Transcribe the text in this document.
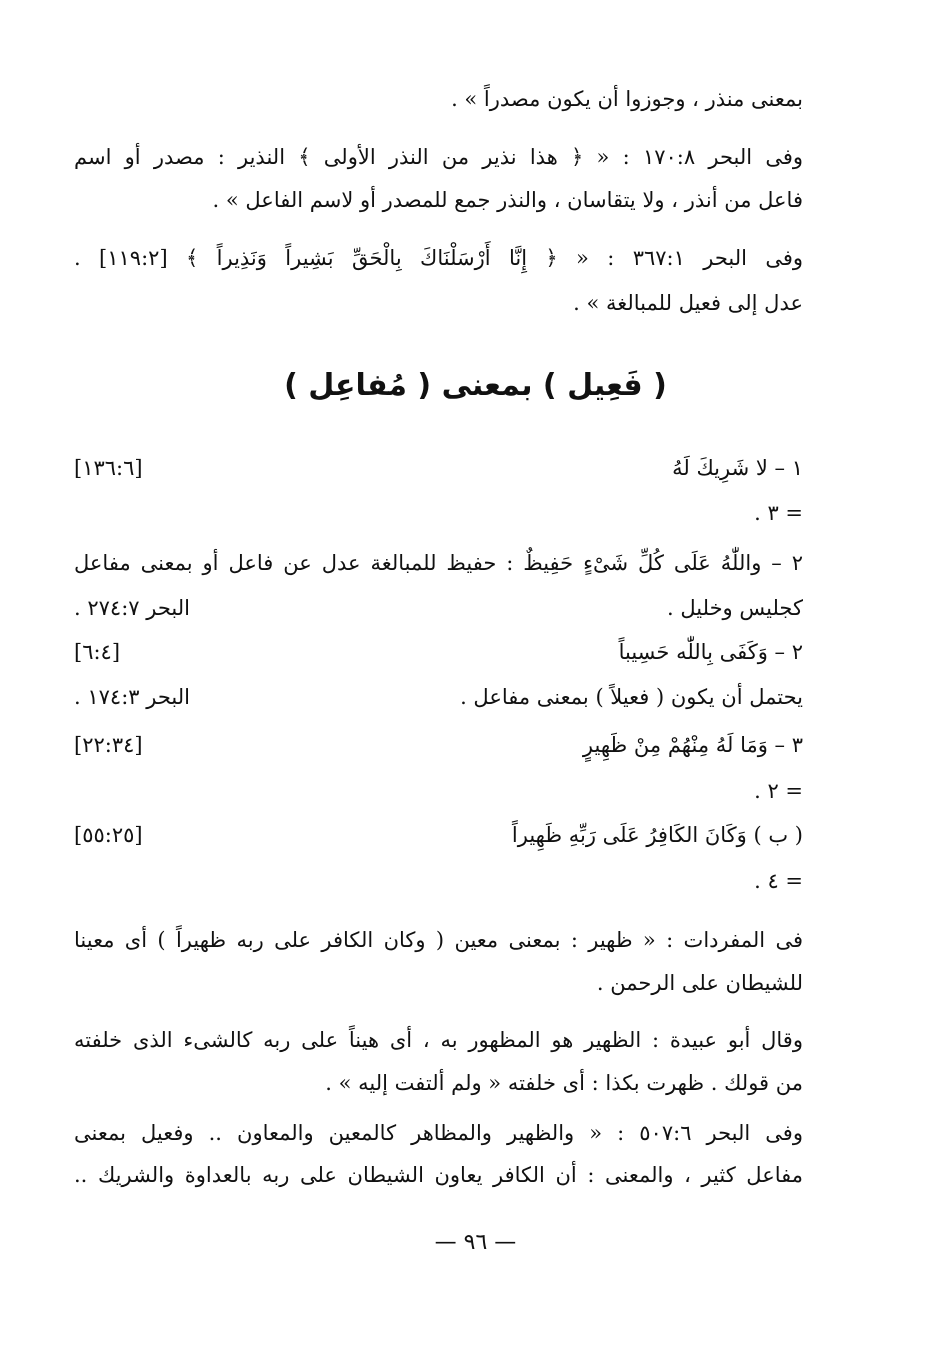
بمعنى منذر ، وجوزوا أن يكون مصدراً » .
وفى البحر ١٧٠:٨ : « ﴿ هذا نذير من النذر الأولى ﴾ النذير : مصدر أو اسم
فاعل من أنذر ، ولا يتقاسان ، والنذر جمع للمصدر أو لاسم الفاعل » .
وفى البحر ٣٦٧:١ : « ﴿ إِنَّا أَرْسَلْنَاكَ بِالْحَقِّ بَشِيراً وَنَذِيراً ﴾ [١١٩:٢] .
عدل إلى فعيل للمبالغة » .
( فَعِيل ) بمعنى ( مُفاعِل )
١ – لا شَرِيكَ لَهُ
[١٣٦:٦]
= ٣ .
٢ – واللّٰهُ عَلَى كُلِّ شَىْءٍ حَفِيظٌ : حفيظ للمبالغة عدل عن فاعل أو بمعنى مفاعل
كجليس وخليل .
البحر ٢٧٤:٧ .
٢ – وَكَفَى بِاللّٰه حَسِيباً
[٦:٤]
يحتمل أن يكون ( فعيلاً ) بمعنى مفاعل .
البحر ١٧٤:٣ .
٣ – وَمَا لَهُ مِنْهُمْ مِنْ ظَهِيرٍ
[٢٢:٣٤]
= ٢ .
( ب ) وَكَانَ الكَافِرُ عَلَى رَبِّهِ ظَهِيراً
[٥٥:٢٥]
= ٤ .
فى المفردات : « ظهير : بمعنى معين ( وكان الكافر على ربه ظهيراً ) أى معينا
للشيطان على الرحمن .
وقال أبو عبيدة : الظهير هو المظهور به ، أى هيناً على ربه كالشىء الذى خلفته
من قولك . ظهرت بكذا : أى خلفته « ولم ألتفت إليه » .
وفى البحر ٥٠٧:٦ : « والظهير والمظاهر كالمعين والمعاون .. وفعيل بمعنى
مفاعل كثير ، والمعنى : أن الكافر يعاون الشيطان على ربه بالعداوة والشريك ..
— ٩٦ —
